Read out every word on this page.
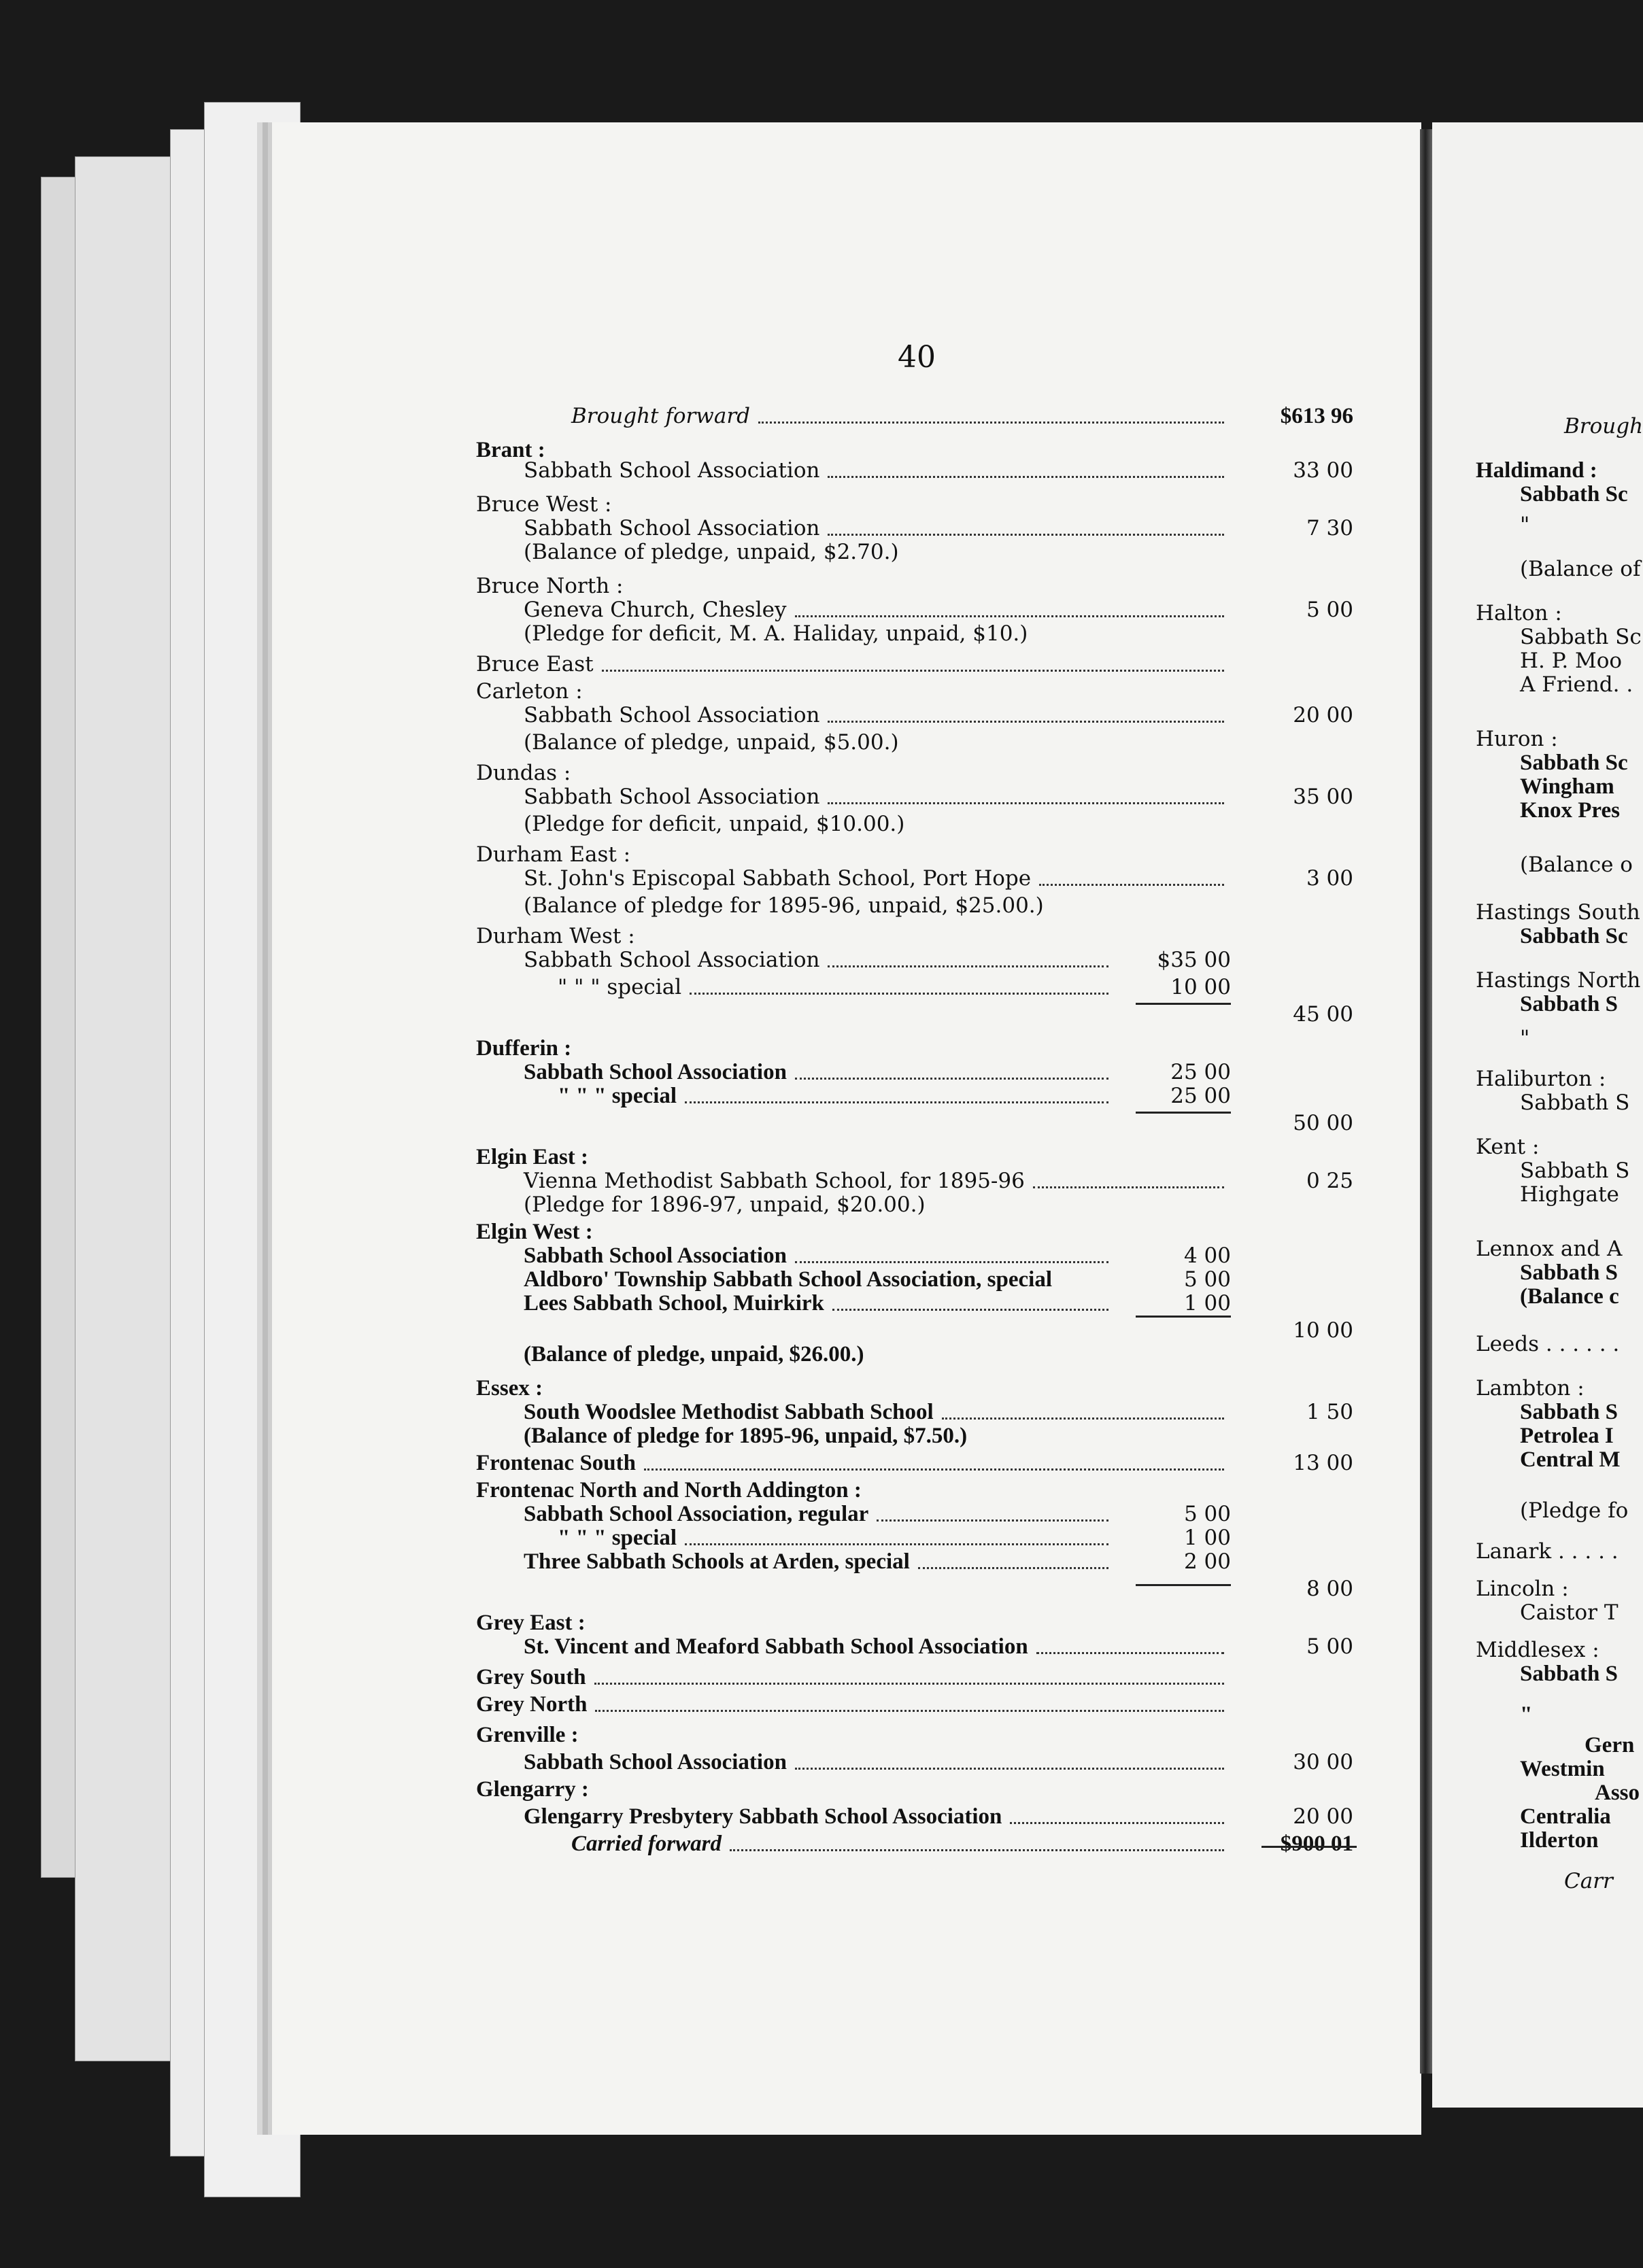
40
Brought forward	$613 96
Brant :
Sabbath School Association	33 00
Bruce West :
Sabbath School Association	7 30
(Balance of pledge, unpaid, $2.70.)
Bruce North :
Geneva Church, Chesley	5 00
(Pledge for deficit, M. A. Haliday, unpaid, $10.)
Bruce East
Carleton :
Sabbath School Association	20 00
(Balance of pledge, unpaid, $5.00.)
Dundas :
Sabbath School Association	35 00
(Pledge for deficit, unpaid, $10.00.)
Durham East :
St. John's Episcopal Sabbath School, Port Hope	3 00
(Balance of pledge for 1895-96, unpaid, $25.00.)
Durham West :
Sabbath School Association	$35 00
" " " special	10 00
45 00
Dufferin :
Sabbath School Association	25 00
" " " special	25 00
50 00
Elgin East :
Vienna Methodist Sabbath School, for 1895-96	0 25
(Pledge for 1896-97, unpaid, $20.00.)
Elgin West :
Sabbath School Association	4 00
Aldboro' Township Sabbath School Association, special	5 00
Lees Sabbath School, Muirkirk	1 00
10 00
(Balance of pledge, unpaid, $26.00.)
Essex :
South Woodslee Methodist Sabbath School	1 50
(Balance of pledge for 1895-96, unpaid, $7.50.)
Frontenac South	13 00
Frontenac North and North Addington :
Sabbath School Association, regular	5 00
" " " special	1 00
Three Sabbath Schools at Arden, special	2 00
8 00
Grey East :
St. Vincent and Meaford Sabbath School Association	5 00
Grey South
Grey North
Grenville :
Sabbath School Association	30 00
Glengarry :
Glengarry Presbytery Sabbath School Association	20 00
Carried forward	$900 01
Brough
Haldimand :
Sabbath Sc
"
(Balance of
Halton :
Sabbath Sc
H. P. Moo
A Friend. .
Huron :
Sabbath Sc
Wingham
Knox Pres
(Balance o
Hastings South
Sabbath Sc
Hastings North
Sabbath S
"
Haliburton :
Sabbath S
Kent :
Sabbath S
Highgate
Lennox and A
Sabbath S
(Balance c
Leeds . . . . . .
Lambton :
Sabbath S
Petrolea I
Central M
(Pledge fo
Lanark . . . . .
Lincoln :
Caistor T
Middlesex :
Sabbath S
"
Gern
Westmin
Asso
Centralia
Ilderton
Carr
